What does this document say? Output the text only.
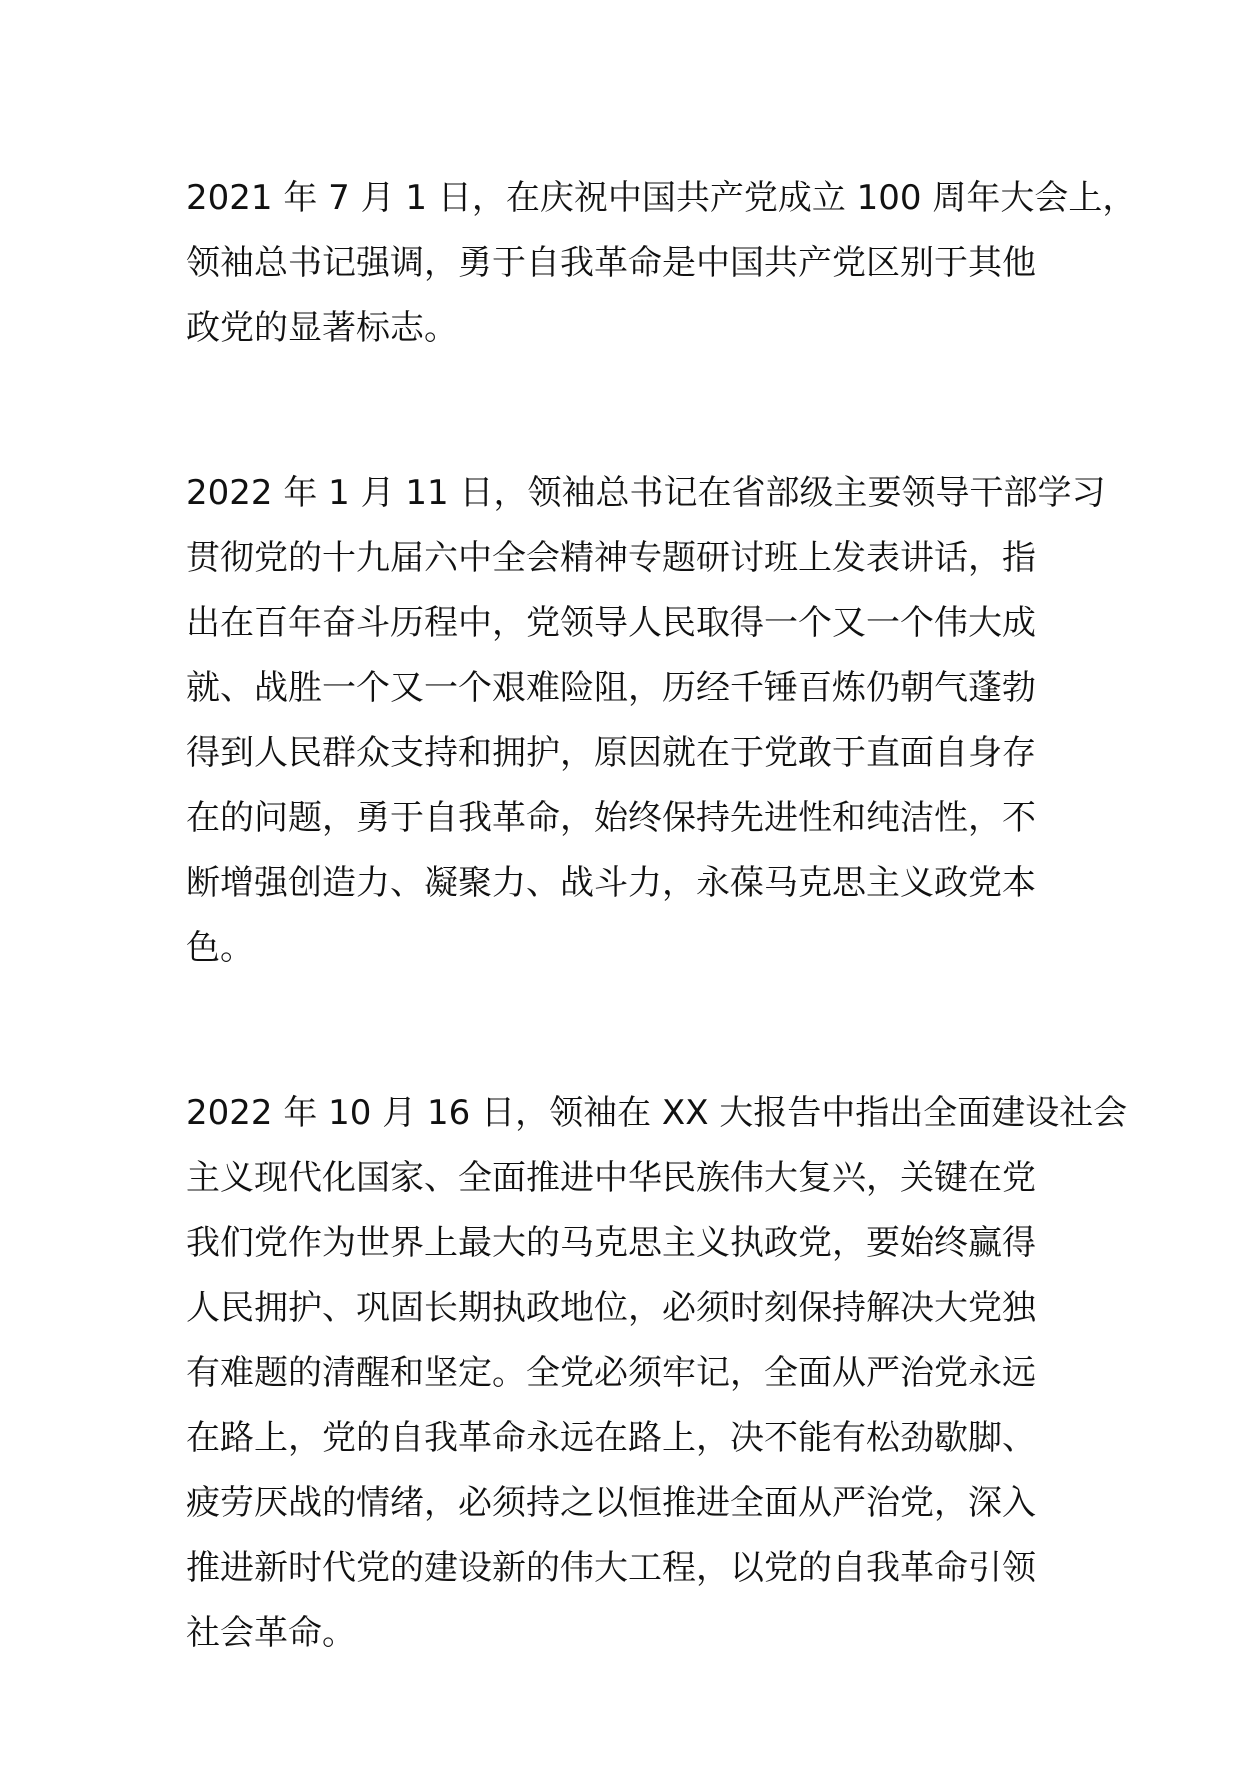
2021 年 7 月 1 日，在庆祝中国共产党成立 100 周年大会上，
领袖总书记强调，勇于自我革命是中国共产党区别于其他
政党的显著标志。

2022 年 1 月 11 日，领袖总书记在省部级主要领导干部学习
贯彻党的十九届六中全会精神专题研讨班上发表讲话，指
出在百年奋斗历程中，党领导人民取得一个又一个伟大成
就、战胜一个又一个艰难险阻，历经千锤百炼仍朝气蓬勃
得到人民群众支持和拥护，原因就在于党敢于直面自身存
在的问题，勇于自我革命，始终保持先进性和纯洁性，不
断增强创造力、凝聚力、战斗力，永葆马克思主义政党本
色。

2022 年 10 月 16 日，领袖在 XX 大报告中指出全面建设社会
主义现代化国家、全面推进中华民族伟大复兴，关键在党
我们党作为世界上最大的马克思主义执政党，要始终赢得
人民拥护、巩固长期执政地位，必须时刻保持解决大党独
有难题的清醒和坚定。全党必须牢记，全面从严治党永远
在路上，党的自我革命永远在路上，决不能有松劲歇脚、
疲劳厌战的情绪，必须持之以恒推进全面从严治党，深入
推进新时代党的建设新的伟大工程，以党的自我革命引领
社会革命。
